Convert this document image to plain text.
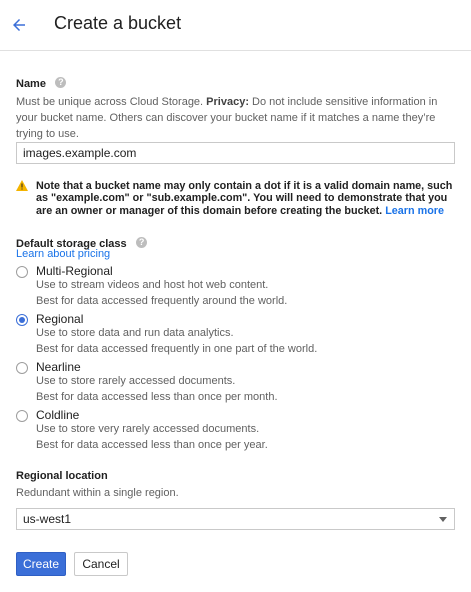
Create a bucket
Name ?
Must be unique across Cloud Storage. Privacy: Do not include sensitive information in your bucket name. Others can discover your bucket name if it matches a name they’re trying to use.
images.example.com
Note that a bucket name may only contain a dot if it is a valid domain name, such as "example.com" or "sub.example.com". You will need to demonstrate that you are an owner or manager of this domain before creating the bucket. Learn more
Default storage class ?
Learn about pricing
Multi-Regional
Use to stream videos and host hot web content.
Best for data accessed frequently around the world.
Regional
Use to store data and run data analytics.
Best for data accessed frequently in one part of the world.
Nearline
Use to store rarely accessed documents.
Best for data accessed less than once per month.
Coldline
Use to store very rarely accessed documents.
Best for data accessed less than once per year.
Regional location
Redundant within a single region.
us-west1
Create	Cancel
